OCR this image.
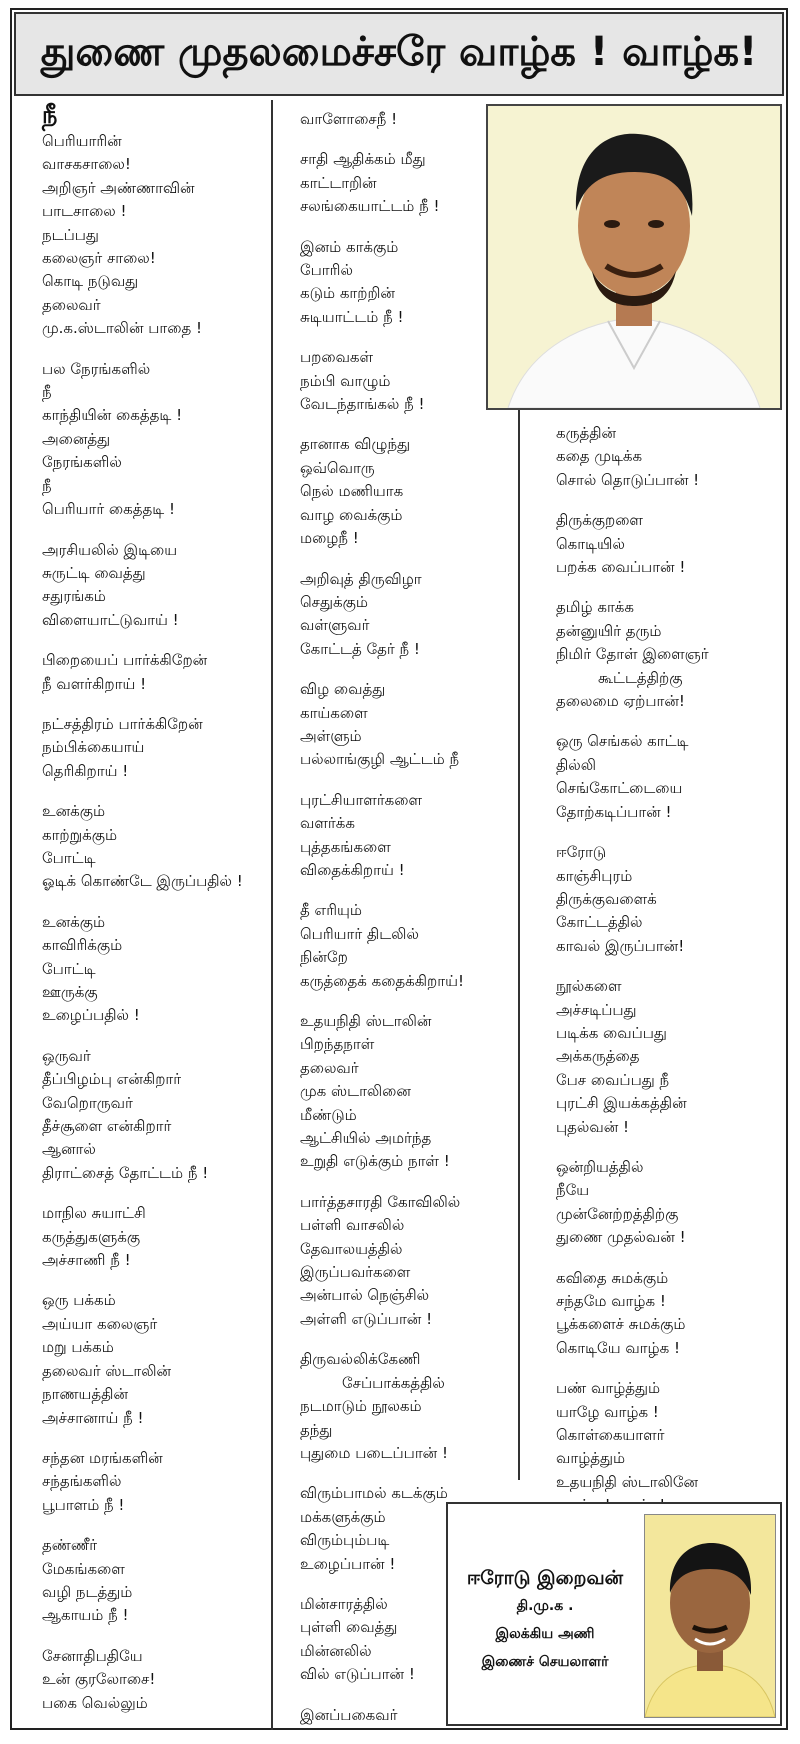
துணை முதலமைச்சரே வாழ்க ! வாழ்க!
நீ
பெரியாரின்
வாசகசாலை!
அறிஞர் அண்ணாவின்
பாடசாலை !
நடப்பது
கலைஞர் சாலை!
கொடி நடுவது
தலைவர்
மு.க.ஸ்டாலின் பாதை !
பல நேரங்களில்
நீ
காந்தியின் கைத்தடி !
அனைத்து
நேரங்களில்
நீ
பெரியார் கைத்தடி !
அரசியலில் இடியை
சுருட்டி வைத்து
சதுரங்கம்
விளையாட்டுவாய் !
பிறையைப் பார்க்கிறேன்
நீ வளர்கிறாய் !
நட்சத்திரம் பார்க்கிறேன்
நம்பிக்கையாய்
தெரிகிறாய் !
உனக்கும்
காற்றுக்கும்
போட்டி
ஓடிக் கொண்டே இருப்பதில் !
உனக்கும்
காவிரிக்கும்
போட்டி
ஊருக்கு
உழைப்பதில் !
ஒருவர்
தீப்பிழம்பு என்கிறார்
வேறொருவர்
தீச்சூளை என்கிறார்
ஆனால்
திராட்சைத் தோட்டம் நீ !
மாநில சுயாட்சி
கருத்துகளுக்கு
அச்சாணி நீ !
ஒரு பக்கம்
அய்யா கலைஞர்
மறு பக்கம்
தலைவர் ஸ்டாலின்
நாணயத்தின்
அச்சானாய் நீ !
சந்தன மரங்களின்
சந்தங்களில்
பூபாளம் நீ !
தண்ணீர்
மேகங்களை
வழி நடத்தும்
ஆகாயம் நீ !
சேனாதிபதியே
உன் குரலோசை!
பகை வெல்லும்
வாளோசைநீ !
சாதி ஆதிக்கம் மீது
காட்டாறின்
சலங்கையாட்டம் நீ !
இனம் காக்கும்
போரில்
கடும் காற்றின்
சுடியாட்டம் நீ !
பறவைகள்
நம்பி வாழும்
வேடந்தாங்கல் நீ !
தானாக விழுந்து
ஒவ்வொரு
நெல் மணியாக
வாழ வைக்கும்
மழைநீ !
அறிவுத் திருவிழா
செதுக்கும்
வள்ளுவர்
கோட்டத் தேர் நீ !
விழ வைத்து
காய்களை
அள்ளும்
பல்லாங்குழி ஆட்டம் நீ
புரட்சியாளர்களை
வளர்க்க
புத்தகங்களை
விதைக்கிறாய் !
தீ எரியும்
பெரியார் திடலில்
நின்றே
கருத்தைக் கதைக்கிறாய்!
உதயநிதி ஸ்டாலின்
பிறந்தநாள்
தலைவர்
முக ஸ்டாலினை
மீண்டும்
ஆட்சியில் அமர்ந்த
உறுதி எடுக்கும் நாள் !
பார்த்தசாரதி கோவிலில்
பள்ளி வாசலில்
தேவாலயத்தில்
இருப்பவர்களை
அன்பால் நெஞ்சில்
அள்ளி எடுப்பான் !
திருவல்லிக்கேணி
சேப்பாக்கத்தில்
நடமாடும் நூலகம்
தந்து
புதுமை படைப்பான் !
விரும்பாமல் கடக்கும்
மக்களுக்கும்
விரும்பும்படி
உழைப்பான் !
மின்சாரத்தில்
புள்ளி வைத்து
மின்னலில்
வில் எடுப்பான் !
இனப்பகைவர்
கருத்தின்
கதை முடிக்க
சொல் தொடுப்பான் !
திருக்குறளை
கொடியில்
பறக்க வைப்பான் !
தமிழ் காக்க
தன்னுயிர் தரும்
நிமிர் தோள் இளைஞர்
கூட்டத்திற்கு
தலைமை ஏற்பான்!
ஒரு செங்கல் காட்டி
தில்லி
செங்கோட்டையை
தோற்கடிப்பான் !
ஈரோடு
காஞ்சிபுரம்
திருக்குவளைக்
கோட்டத்தில்
காவல் இருப்பான்!
நூல்களை
அச்சடிப்பது
படிக்க வைப்பது
அக்கருத்தை
பேச வைப்பது நீ
புரட்சி இயக்கத்தின்
புதல்வன் !
ஒன்றியத்தில்
நீயே
முன்னேற்றத்திற்கு
துணை முதல்வன் !
கவிதை சுமக்கும்
சந்தமே வாழ்க !
பூக்களைச் சுமக்கும்
கொடியே வாழ்க !
பண் வாழ்த்தும்
யாழே வாழ்க !
கொள்கையாளர்
வாழ்த்தும்
உதயநிதி ஸ்டாலினே
ஈரோடு இறைவன்
தி.மு.க .
இலக்கிய அணி
இணைச் செயலாளர்
